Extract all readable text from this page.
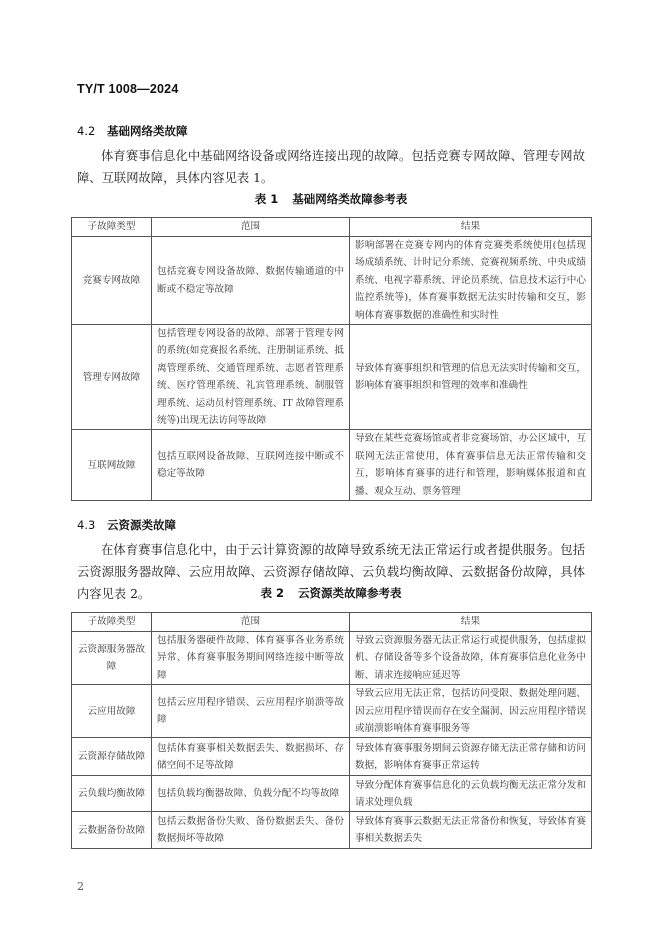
TY/T 1008—2024
4.2 基础网络类故障
体育赛事信息化中基础网络设备或网络连接出现的故障。包括竞赛专网故障、管理专网故障、互联网故障，具体内容见表 1。
表 1 基础网络类故障参考表
子故障类型	范围	结果
竞赛专网故障	包括竞赛专网设备故障、数据传输通道的中断或不稳定等故障	影响部署在竞赛专网内的体育竞赛类系统使用(包括现场成绩系统、计时记分系统、竞赛视频系统、中央成绩系统、电视字幕系统、评论员系统、信息技术运行中心监控系统等)，体育赛事数据无法实时传输和交互，影响体育赛事数据的准确性和实时性
管理专网故障	包括管理专网设备的故障、部署于管理专网的系统(如竞赛报名系统、注册制证系统、抵离管理系统、交通管理系统、志愿者管理系统、医疗管理系统、礼宾管理系统、制服管理系统、运动员村管理系统、IT 故障管理系统等)出现无法访问等故障	导致体育赛事组织和管理的信息无法实时传输和交互，影响体育赛事组织和管理的效率和准确性
互联网故障	包括互联网设备故障、互联网连接中断或不稳定等故障	导致在某些竞赛场馆或者非竞赛场馆、办公区域中，互联网无法正常使用，体育赛事信息无法正常传输和交互，影响体育赛事的进行和管理，影响媒体报道和直播、观众互动、票务管理
4.3 云资源类故障
在体育赛事信息化中，由于云计算资源的故障导致系统无法正常运行或者提供服务。包括云资源服务器故障、云应用故障、云资源存储故障、云负载均衡故障、云数据备份故障，具体内容见表 2。	表 2 云资源类故障参考表
子故障类型	范围	结果
云资源服务器故障	包括服务器硬件故障、体育赛事各业务系统异常、体育赛事服务期间网络连接中断等故障	导致云资源服务器无法正常运行或提供服务，包括虚拟机、存储设备等多个设备故障，体育赛事信息化业务中断、请求连接响应延迟等
云应用故障	包括云应用程序错误、云应用程序崩溃等故障	导致云应用无法正常，包括访问受限、数据处理问题、因云应用程序错误而存在安全漏洞、因云应用程序错误或崩溃影响体育赛事服务等
云资源存储故障	包括体育赛事相关数据丢失、数据损坏、存储空间不足等故障	导致体育赛事服务期间云资源存储无法正常存储和访问数据，影响体育赛事正常运转
云负载均衡故障	包括负载均衡器故障、负载分配不均等故障	导致分配体育赛事信息化的云负载均衡无法正常分发和请求处理负载
云数据备份故障	包括云数据备份失败、备份数据丢失、备份数据损坏等故障	导致体育赛事云数据无法正常备份和恢复，导致体育赛事相关数据丢失
2
